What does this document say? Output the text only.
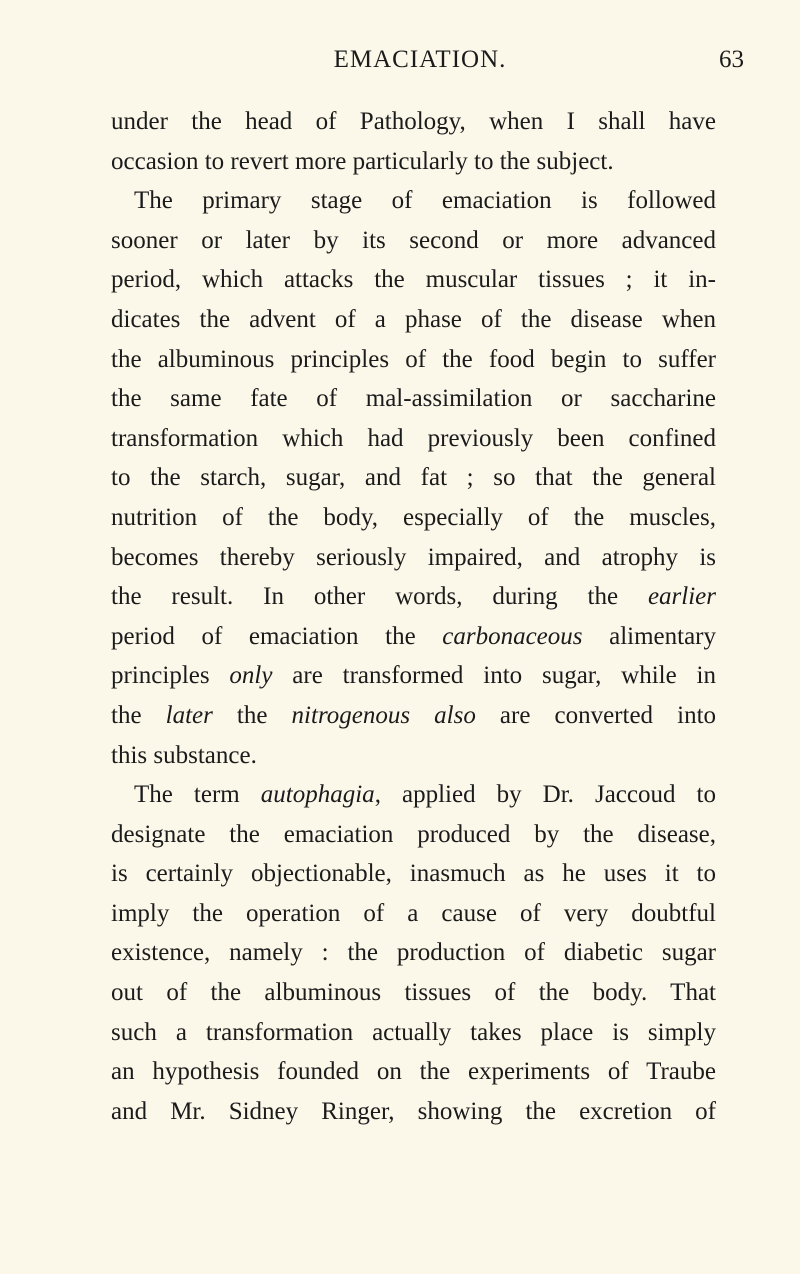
EMACIATION.	63
under the head of Pathology, when I shall have
occasion to revert more particularly to the subject.
The primary stage of emaciation is followed
sooner or later by its second or more advanced
period, which attacks the muscular tissues ; it in-
dicates the advent of a phase of the disease when
the albuminous principles of the food begin to suffer
the same fate of mal-assimilation or saccharine
transformation which had previously been confined
to the starch, sugar, and fat ; so that the general
nutrition of the body, especially of the muscles,
becomes thereby seriously impaired, and atrophy is
the result. In other words, during the earlier
period of emaciation the carbonaceous alimentary
principles only are transformed into sugar, while in
the later the nitrogenous also are converted into
this substance.
The term autophagia, applied by Dr. Jaccoud to
designate the emaciation produced by the disease,
is certainly objectionable, inasmuch as he uses it to
imply the operation of a cause of very doubtful
existence, namely : the production of diabetic sugar
out of the albuminous tissues of the body. That
such a transformation actually takes place is simply
an hypothesis founded on the experiments of Traube
and Mr. Sidney Ringer, showing the excretion of
